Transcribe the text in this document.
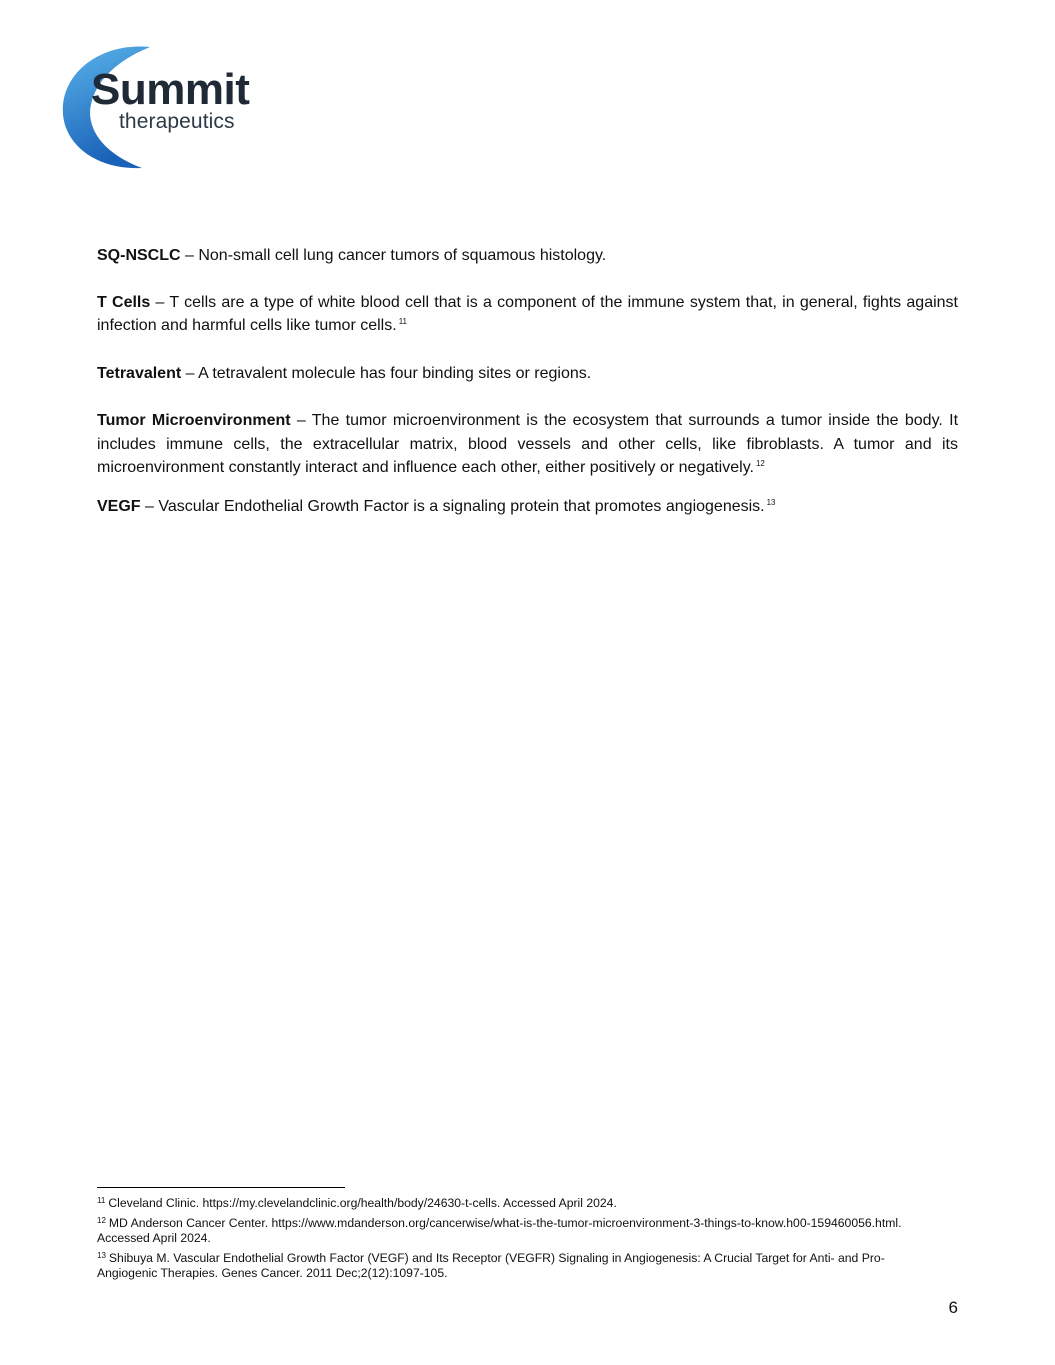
Summit
therapeutics

SQ-NSCLC – Non-small cell lung cancer tumors of squamous histology.

T Cells – T cells are a type of white blood cell that is a component of the immune system that, in general, fights against infection and harmful cells like tumor cells. $^{11}$

Tetravalent – A tetravalent molecule has four binding sites or regions.

Tumor Microenvironment – The tumor microenvironment is the ecosystem that surrounds a tumor inside the body. It includes immune cells, the extracellular matrix, blood vessels and other cells, like fibroblasts. A tumor and its microenvironment constantly interact and influence each other, either positively or negatively. $^{12}$

VEGF – Vascular Endothelial Growth Factor is a signaling protein that promotes angiogenesis. $^{13}$

$^{11}$ Cleveland Clinic. https://my.clevelandclinic.org/health/body/24630-t-cells. Accessed April 2024.

$^{12}$ MD Anderson Cancer Center. https://www.mdanderson.org/cancerwise/what-is-the-tumor-microenvironment-3-things-to-know.h00-159460056.html. Accessed April 2024.

$^{13}$ Shibuya M. Vascular Endothelial Growth Factor (VEGF) and Its Receptor (VEGFR) Signaling in Angiogenesis: A Crucial Target for Anti- and Pro-Angiogenic Therapies. Genes Cancer. 2011 Dec;2(12):1097-105.

6
